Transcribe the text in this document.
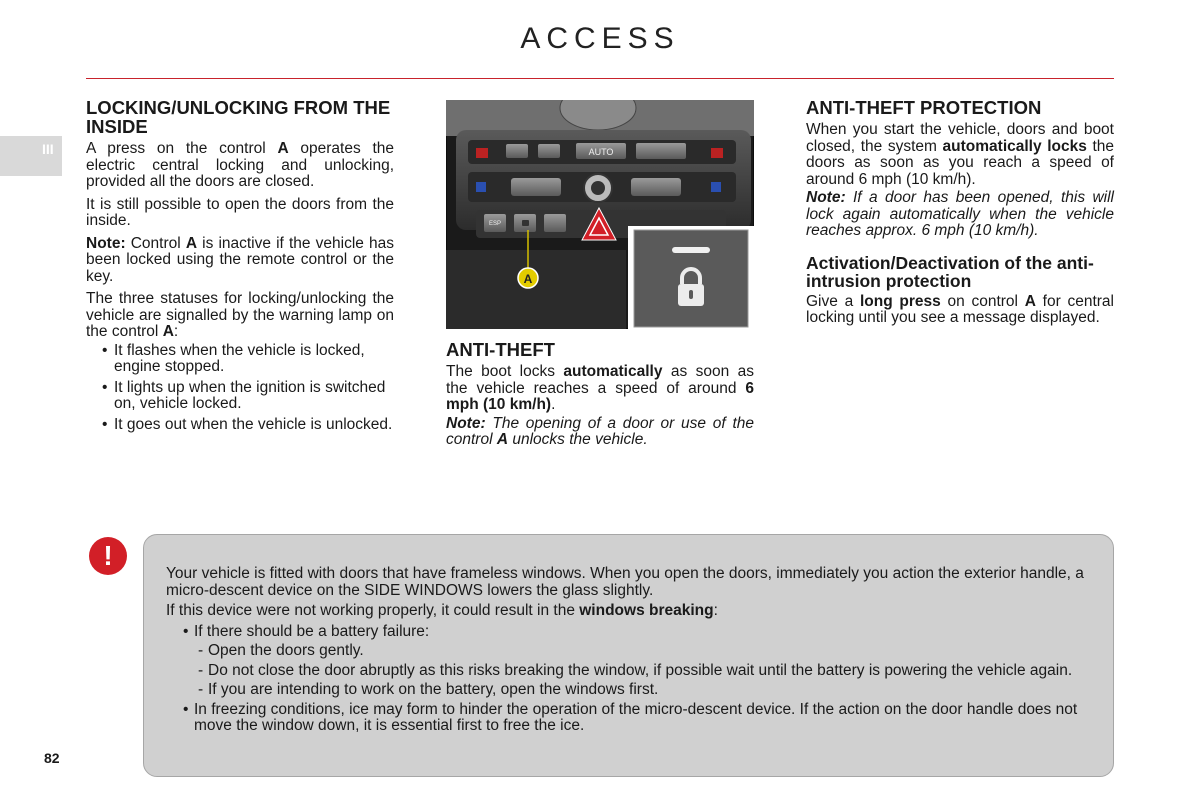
ACCESS
III
LOCKING/UNLOCKING FROM THE INSIDE

A press on the control A operates the electric central locking and unlocking, provided all the doors are closed.

It is still possible to open the doors from the inside.

Note: Control A is inactive if the vehicle has been locked using the remote control or the key.

The three statuses for locking/unlocking the vehicle are signalled by the warning lamp on the control A:

• It flashes when the vehicle is locked, engine stopped.
• It lights up when the ignition is switched on, vehicle locked.
• It goes out when the vehicle is unlocked.
AUTO
ESP
A
ANTI-THEFT

The boot locks automatically as soon as the vehicle reaches a speed of around 6 mph (10 km/h).

Note: The opening of a door or use of the control A unlocks the vehicle.

ANTI-THEFT PROTECTION

When you start the vehicle, doors and boot closed, the system automatically locks the doors as soon as you reach a speed of around 6 mph (10 km/h).

Note: If a door has been opened, this will lock again automatically when the vehicle reaches approx. 6 mph (10 km/h).

Activation/Deactivation of the anti-intrusion protection

Give a long press on control A for central locking until you see a message displayed.

!

Your vehicle is fitted with doors that have frameless windows. When you open the doors, immediately you action the exterior handle, a micro-descent device on the SIDE WINDOWS lowers the glass slightly.

If this device were not working properly, it could result in the windows breaking:

• If there should be a battery failure:
- Open the doors gently.
- Do not close the door abruptly as this risks breaking the window, if possible wait until the battery is powering the vehicle again.
- If you are intending to work on the battery, open the windows first.
• In freezing conditions, ice may form to hinder the operation of the micro-descent device. If the action on the door handle does not move the window down, it is essential first to free the ice.
82
